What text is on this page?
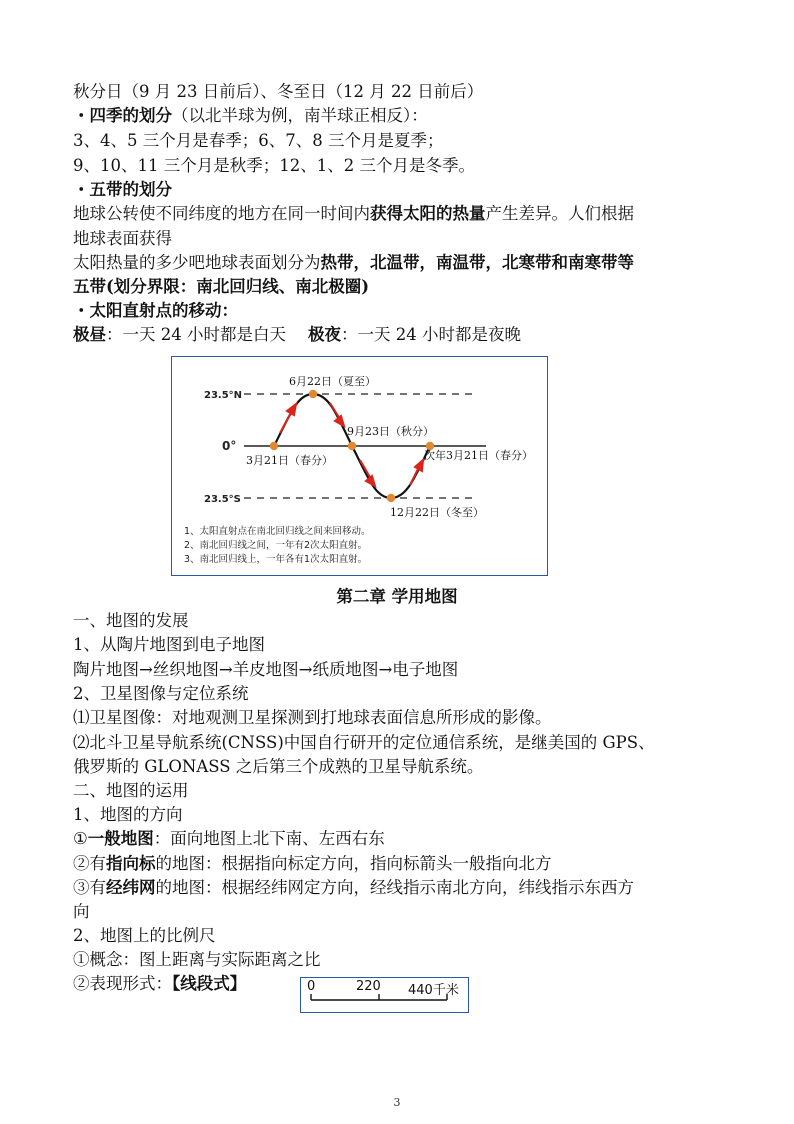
秋分日（9 月 23 日前后）、冬至日（12 月 22 日前后）
・四季的划分（以北半球为例，南半球正相反）：
3、4、5 三个月是春季；6、7、8 三个月是夏季；
9、10、11 三个月是秋季；12、1、2 三个月是冬季。
・五带的划分
地球公转使不同纬度的地方在同一时间内获得太阳的热量产生差异。人们根据
地球表面获得
太阳热量的多少吧地球表面划分为热带，北温带，南温带，北寒带和南寒带等
五带(划分界限：南北回归线、南北极圈)
・太阳直射点的移动：
极昼：一天 24 小时都是白天 极夜：一天 24 小时都是夜晚
23.5°N
0°
23.5°S
6月22日（夏至）
9月23日（秋分）
3月21日（春分）	次年3月21日（春分）
12月22日（冬至）
1、太阳直射点在南北回归线之间来回移动。
2、南北回归线之间，一年有2次太阳直射。
3、南北回归线上，一年各有1次太阳直射。
第二章 学用地图
一、地图的发展
1、从陶片地图到电子地图
陶片地图→丝织地图→羊皮地图→纸质地图→电子地图
2、卫星图像与定位系统
⑴卫星图像：对地观测卫星探测到打地球表面信息所形成的影像。
⑵北斗卫星导航系统(CNSS)中国自行研开的定位通信系统，是继美国的 GPS、
俄罗斯的 GLONASS 之后第三个成熟的卫星导航系统。
二、地图的运用
1、地图的方向
①一般地图：面向地图上北下南、左西右东
②有指向标的地图：根据指向标定方向，指向标箭头一般指向北方
③有经纬网的地图：根据经纬网定方向，经线指示南北方向，纬线指示东西方
向
2、地图上的比例尺
①概念：图上距离与实际距离之比
②表现形式：【线段式】	0	220 440千米
3
